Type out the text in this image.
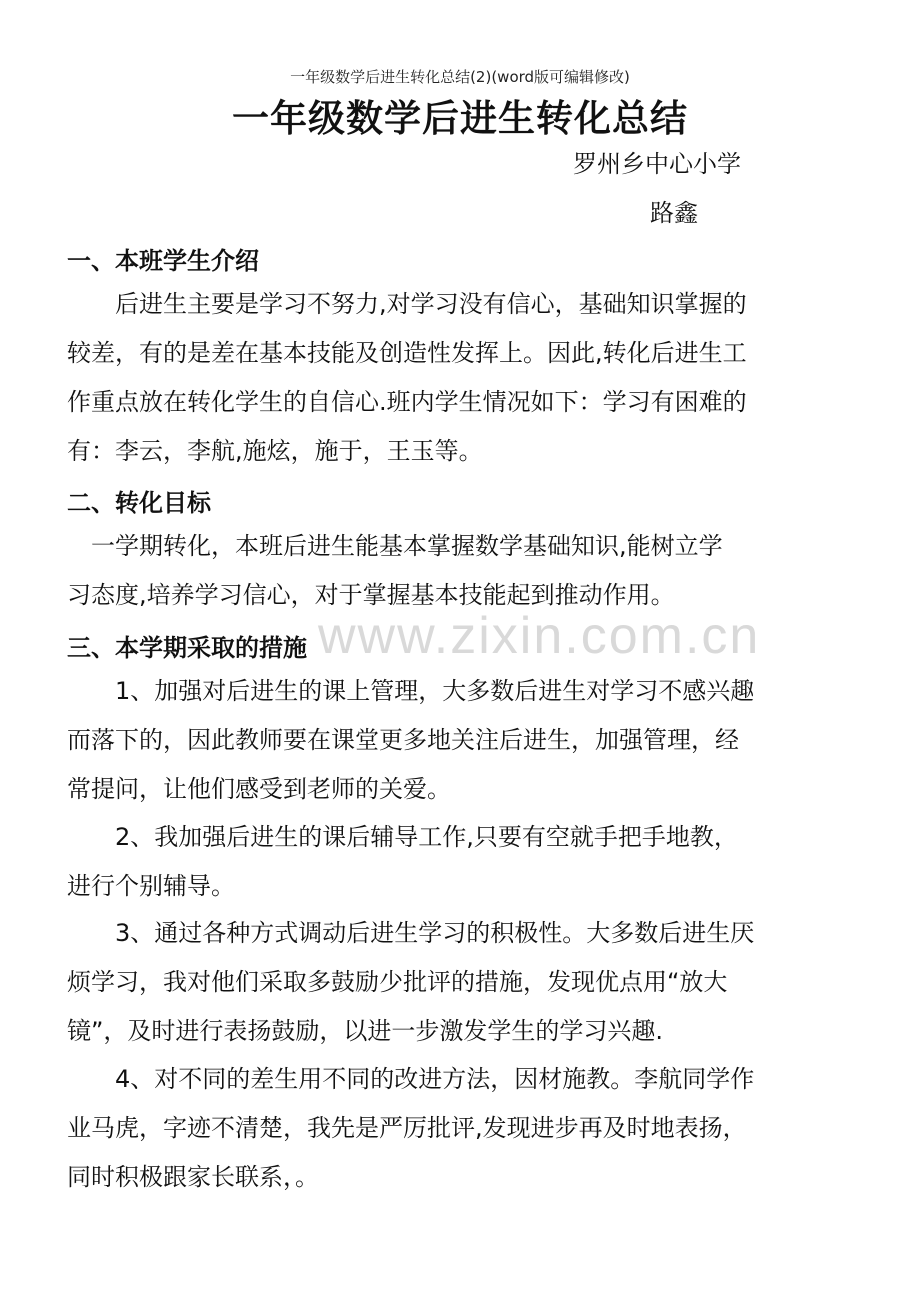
www.zixin.com.cn
一年级数学后进生转化总结(2)(word版可编辑修改)
一年级数学后进生转化总结
罗州乡中心小学
路鑫
一、本班学生介绍
　　后进生主要是学习不努力,对学习没有信心，基础知识掌握的
较差，有的是差在基本技能及创造性发挥上。因此,转化后进生工
作重点放在转化学生的自信心.班内学生情况如下：学习有困难的
有：李云，李航,施炫，施于，王玉等。
二、转化目标
　一学期转化，本班后进生能基本掌握数学基础知识,能树立学
习态度,培养学习信心，对于掌握基本技能起到推动作用。
三、本学期采取的措施
　　1、加强对后进生的课上管理，大多数后进生对学习不感兴趣
而落下的，因此教师要在课堂更多地关注后进生，加强管理，经
常提问，让他们感受到老师的关爱。
　　2、我加强后进生的课后辅导工作,只要有空就手把手地教，
进行个别辅导。
　　3、通过各种方式调动后进生学习的积极性。大多数后进生厌
烦学习，我对他们采取多鼓励少批评的措施，发现优点用“放大
镜”，及时进行表扬鼓励，以进一步激发学生的学习兴趣.
　　4、对不同的差生用不同的改进方法，因材施教。李航同学作
业马虎，字迹不清楚，我先是严厉批评,发现进步再及时地表扬，
同时积极跟家长联系，。
